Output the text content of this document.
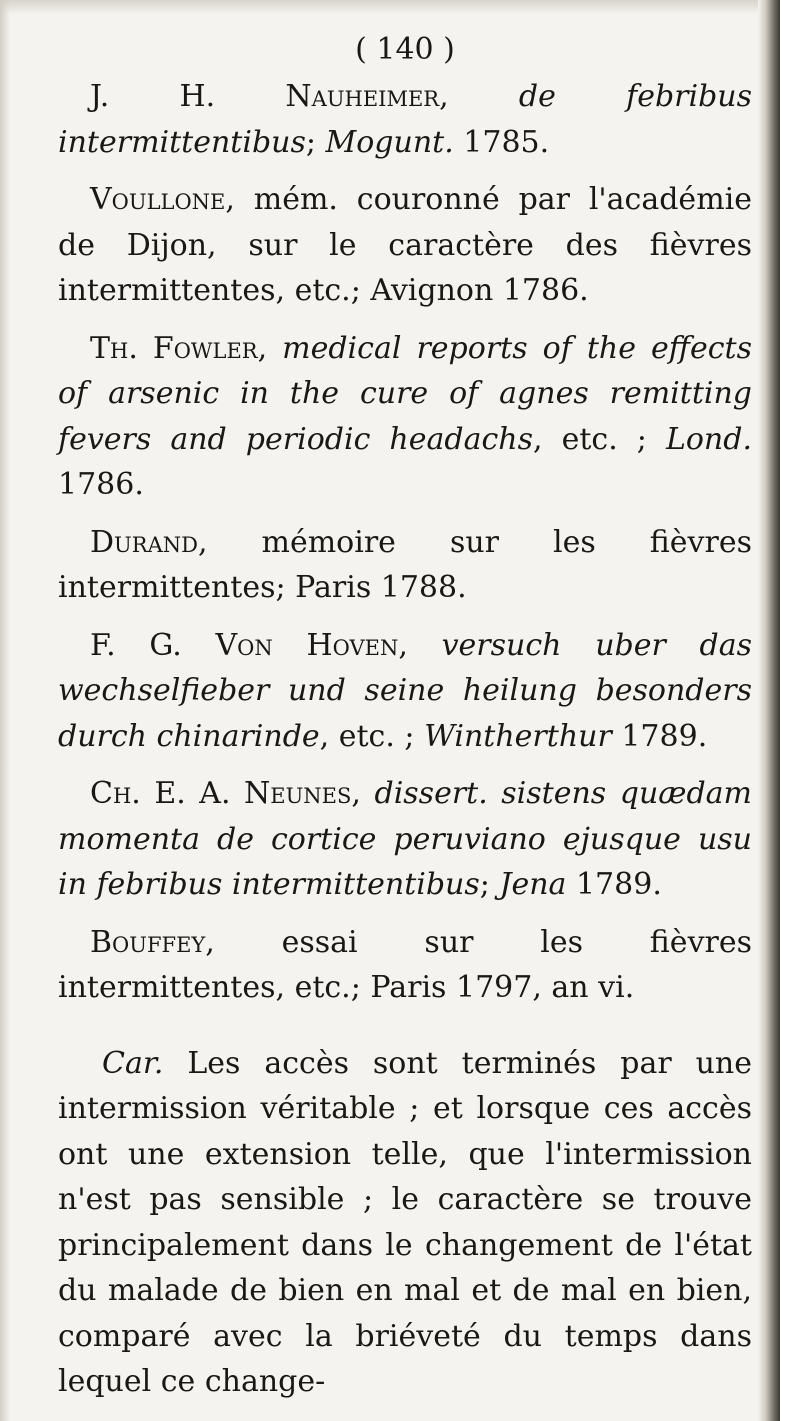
( 140 )

J. H. Nauheimer, de febribus intermittentibus; Mogunt. 1785.

Voullone, mém. couronné par l'académie de Dijon, sur le caractère des fièvres intermittentes, etc.; Avignon 1786.

Th. Fowler, medical reports of the effects of arsenic in the cure of agnes remitting fevers and periodic headachs, etc. ; Lond. 1786.

Durand, mémoire sur les fièvres intermittentes; Paris 1788.

F. G. Von Hoven, versuch uber das wechselfieber und seine heilung besonders durch chinarinde, etc. ; Wintherthur 1789.

Ch. E. A. Neunes, dissert. sistens quædam momenta de cortice peruviano ejusque usu in febribus intermittentibus; Jena 1789.

Bouffey, essai sur les fièvres intermittentes, etc.; Paris 1797, an vi.

Car. Les accès sont terminés par une intermission véritable ; et lorsque ces accès ont une extension telle, que l'intermission n'est pas sensible ; le caractère se trouve principalement dans le changement de l'état du malade de bien en mal et de mal en bien, comparé avec la briéveté du temps dans lequel ce change-
